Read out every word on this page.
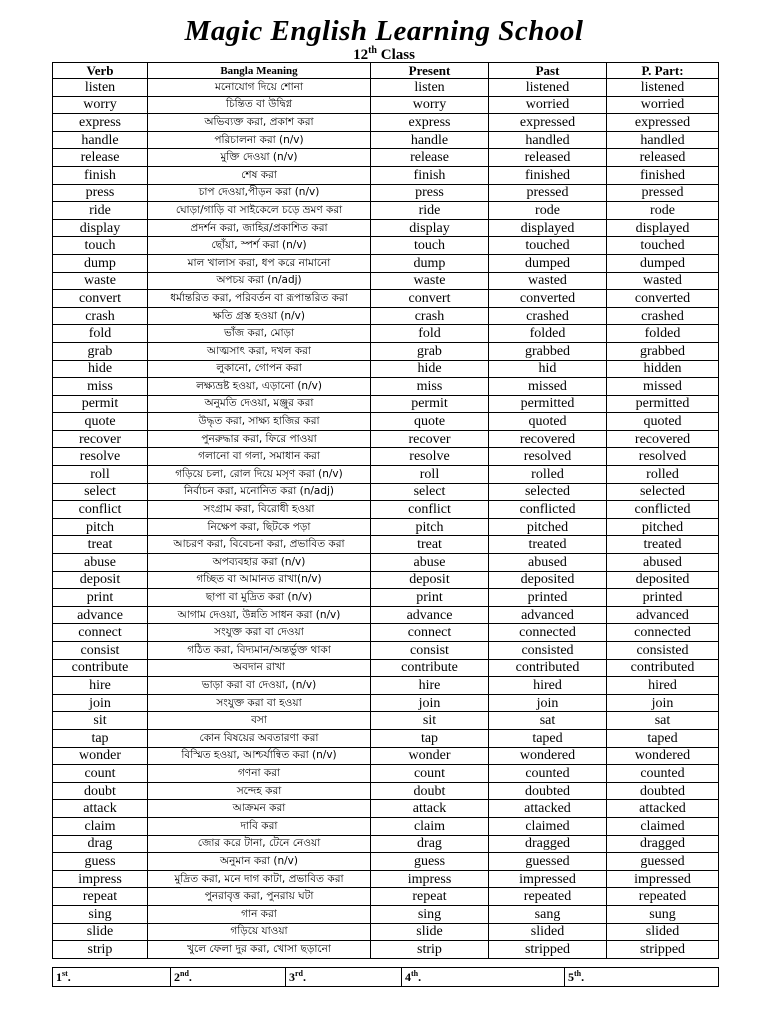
Magic English Learning School
12th Class
Verb	Bangla Meaning	Present	Past	P. Part:
listen	মনোযোগ দিয়ে শোনা	listen	listened	listened
worry	চিন্তিত বা উদ্বিগ্ন	worry	worried	worried
express	অভিব্যক্ত করা, প্রকাশ করা	express	expressed	expressed
handle	পরিচালনা করা (n/v)	handle	handled	handled
release	মুক্তি দেওয়া (n/v)	release	released	released
finish	শেষ করা	finish	finished	finished
press	চাপ দেওয়া,পীড়ন করা (n/v)	press	pressed	pressed
ride	ঘোড়া/গাড়ি বা সাইকেলে চড়ে ভ্রমণ করা	ride	rode	rode
display	প্রদর্শন করা, জাহির/প্রকাশিত করা	display	displayed	displayed
touch	ছোঁয়া, স্পর্শ করা (n/v)	touch	touched	touched
dump	মাল খালাস করা, ধপ করে নামানো	dump	dumped	dumped
waste	অপচয় করা (n/adj)	waste	wasted	wasted
convert	ধর্মান্তরিত করা, পরিবর্তন বা রূপান্তরিত করা	convert	converted	converted
crash	ক্ষতি গ্রস্ত হওয়া (n/v)	crash	crashed	crashed
fold	ভাঁজ করা, মোড়া	fold	folded	folded
grab	আত্মসাৎ করা, দখল করা	grab	grabbed	grabbed
hide	লুকানো, গোপন করা	hide	hid	hidden
miss	লক্ষ্যভ্রষ্ট হওয়া, এড়ানো (n/v)	miss	missed	missed
permit	অনুমতি দেওয়া, মঞ্জুর করা	permit	permitted	permitted
quote	উদ্ধৃত করা, সাক্ষ্য হাজির করা	quote	quoted	quoted
recover	পুনরুদ্ধার করা, ফিরে পাওয়া	recover	recovered	recovered
resolve	গলানো বা গলা, সমাধান করা	resolve	resolved	resolved
roll	গড়িয়ে চলা, রোল দিয়ে মসৃণ করা (n/v)	roll	rolled	rolled
select	নির্বাচন করা, মনোনিত করা (n/adj)	select	selected	selected
conflict	সংগ্রাম করা, বিরোধী হওয়া	conflict	conflicted	conflicted
pitch	নিক্ষেপ করা, ছিটকে পড়া	pitch	pitched	pitched
treat	আচরণ করা, বিবেচনা করা, প্রভাবিত করা	treat	treated	treated
abuse	অপব্যবহার করা (n/v)	abuse	abused	abused
deposit	গচ্ছিত বা আমানত রাখা(n/v)	deposit	deposited	deposited
print	ছাপা বা মুদ্রিত করা (n/v)	print	printed	printed
advance	আগাম দেওয়া, উন্নতি সাধন করা (n/v)	advance	advanced	advanced
connect	সংযুক্ত করা বা দেওয়া	connect	connected	connected
consist	গঠিত করা, বিদ্যমান/অন্তর্ভুক্ত থাকা	consist	consisted	consisted
contribute	অবদান রাখা	contribute	contributed	contributed
hire	ভাড়া করা বা দেওয়া, (n/v)	hire	hired	hired
join	সংযুক্ত করা বা হওয়া	join	join	join
sit	বসা	sit	sat	sat
tap	কোন বিষয়ের অবতারণা করা	tap	taped	taped
wonder	বিস্মিত হওয়া, আশ্চর্যান্বিত করা (n/v)	wonder	wondered	wondered
count	গণনা করা	count	counted	counted
doubt	সন্দেহ করা	doubt	doubted	doubted
attack	আক্রমন করা	attack	attacked	attacked
claim	দাবি করা	claim	claimed	claimed
drag	জোর করে টানা, টেনে নেওয়া	drag	dragged	dragged
guess	অনুমান করা (n/v)	guess	guessed	guessed
impress	মুদ্রিত করা, মনে দাগ কাটা, প্রভাবিত করা	impress	impressed	impressed
repeat	পুনরাবৃত্ত করা, পুনরায় ঘটা	repeat	repeated	repeated
sing	গান করা	sing	sang	sung
slide	গড়িয়ে যাওয়া	slide	slided	slided
strip	খুলে ফেলা দুর করা, খোসা ছড়ানো	strip	stripped	stripped
1st.	2nd.	3rd.	4th.	5th.
